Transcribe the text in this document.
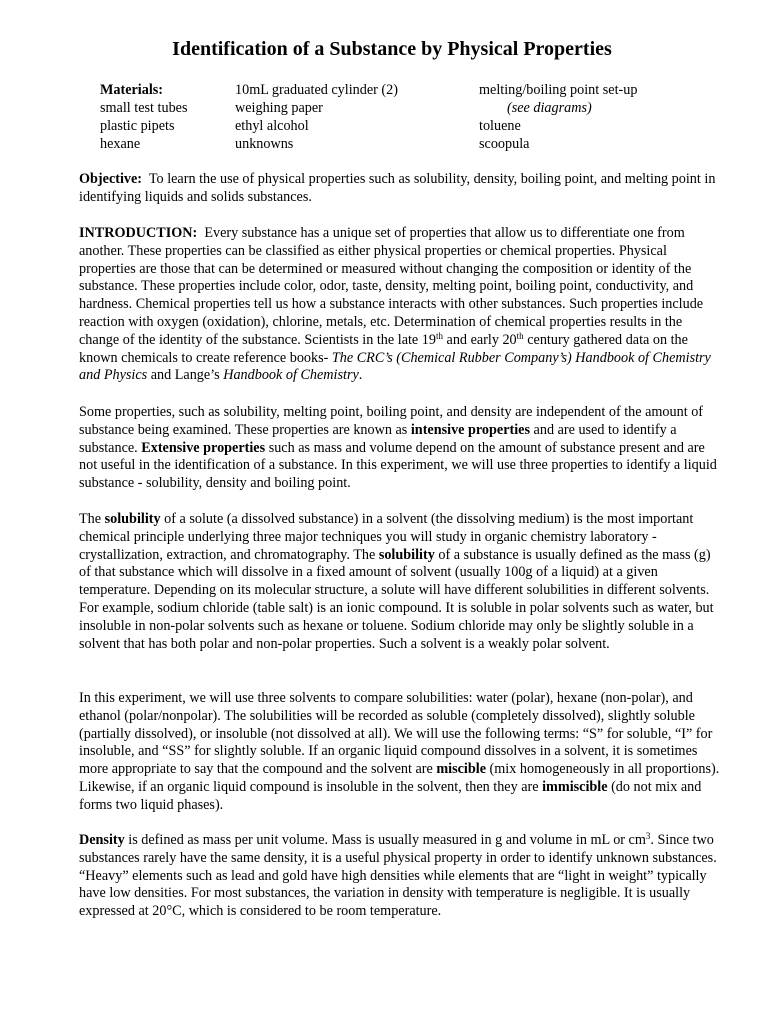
Identification of a Substance by Physical Properties
Materials:	10mL graduated cylinder (2)	melting/boiling point set-up
small test tubes	weighing paper	(see diagrams)
plastic pipets	ethyl alcohol	toluene
hexane	unknowns	scoopula

Objective: To learn the use of physical properties such as solubility, density, boiling point, and melting point in identifying liquids and solids substances.

INTRODUCTION: Every substance has a unique set of properties that allow us to differentiate one from another. These properties can be classified as either physical properties or chemical properties. Physical properties are those that can be determined or measured without changing the composition or identity of the substance. These properties include color, odor, taste, density, melting point, boiling point, conductivity, and hardness. Chemical properties tell us how a substance interacts with other substances. Such properties include reaction with oxygen (oxidation), chlorine, metals, etc. Determination of chemical properties results in the change of the identity of the substance. Scientists in the late 19th and early 20th century gathered data on the known chemicals to create reference books- The CRC’s (Chemical Rubber Company’s) Handbook of Chemistry and Physics and Lange’s Handbook of Chemistry.

Some properties, such as solubility, melting point, boiling point, and density are independent of the amount of substance being examined. These properties are known as intensive properties and are used to identify a substance. Extensive properties such as mass and volume depend on the amount of substance present and are not useful in the identification of a substance. In this experiment, we will use three properties to identify a liquid substance - solubility, density and boiling point.

The solubility of a solute (a dissolved substance) in a solvent (the dissolving medium) is the most important chemical principle underlying three major techniques you will study in organic chemistry laboratory - crystallization, extraction, and chromatography. The solubility of a substance is usually defined as the mass (g) of that substance which will dissolve in a fixed amount of solvent (usually 100g of a liquid) at a given temperature. Depending on its molecular structure, a solute will have different solubilities in different solvents.

For example, sodium chloride (table salt) is an ionic compound. It is soluble in polar solvents such as water, but insoluble in non-polar solvents such as hexane or toluene. Sodium chloride may only be slightly soluble in a solvent that has both polar and non-polar properties. Such a solvent is a weakly polar solvent.

In this experiment, we will use three solvents to compare solubilities: water (polar), hexane (non-polar), and ethanol (polar/nonpolar). The solubilities will be recorded as soluble (completely dissolved), slightly soluble (partially dissolved), or insoluble (not dissolved at all). We will use the following terms: “S” for soluble, “I” for insoluble, and “SS” for slightly soluble. If an organic liquid compound dissolves in a solvent, it is sometimes more appropriate to say that the compound and the solvent are miscible (mix homogeneously in all proportions). Likewise, if an organic liquid compound is insoluble in the solvent, then they are immiscible (do not mix and forms two liquid phases).

Density is defined as mass per unit volume. Mass is usually measured in g and volume in mL or $cm^3$. Since two substances rarely have the same density, it is a useful physical property in order to identify unknown substances. “Heavy” elements such as lead and gold have high densities while elements that are “light in weight” typically have low densities. For most substances, the variation in density with temperature is negligible. It is usually expressed at 20°C, which is considered to be room temperature.
